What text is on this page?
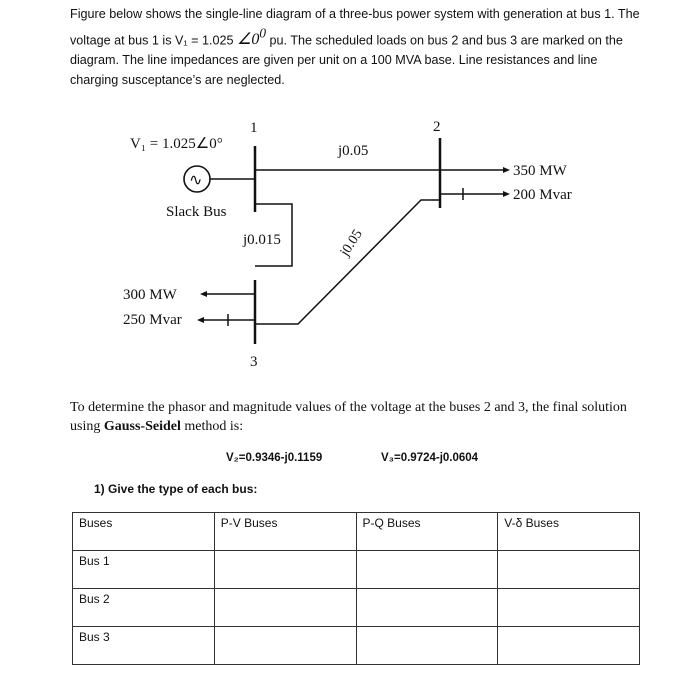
Figure below shows the single-line diagram of a three-bus power system with generation at bus 1. The voltage at bus 1 is V₁ = 1.025 $\angle 0^0$ pu. The scheduled loads on bus 2 and bus 3 are marked on the diagram. The line impedances are given per unit on a 100 MVA base. Line resistances and line charging susceptance’s are neglected.

1
V₁ = 1.025∠0°
∿
Slack Bus
j0.05
j0.015
2
350 MW
200 Mvar
j0.05
3
300 MW
250 Mvar

To determine the phasor and magnitude values of the voltage at the buses 2 and 3, the final solution using Gauss-Seidel method is:

V₂=0.9346-j0.1159	V₃=0.9724-j0.0604
1) Give the type of each bus:
Buses	P-V Buses	P-Q Buses	V-δ Buses
Bus 1			
Bus 2			
Bus 3			
